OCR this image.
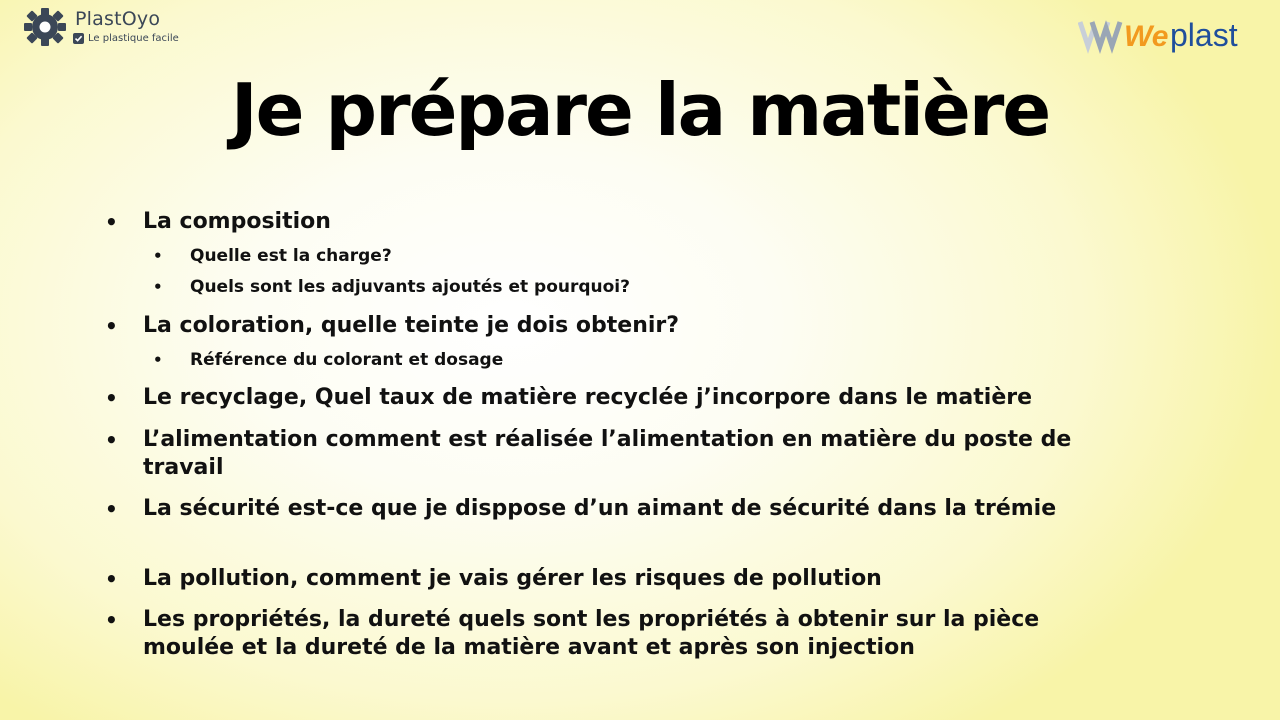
PlastOyo
Le plastique facile	We plast
Je prépare la matière
• La composition
• Quelle est la charge?
• Quels sont les adjuvants ajoutés et pourquoi?
• La coloration, quelle teinte je dois obtenir?
• Référence du colorant et dosage
• Le recyclage, Quel taux de matière recyclée j’incorpore dans le matière
• L’alimentation comment est réalisée l’alimentation en matière du poste de travail
• La sécurité est-ce que je disppose d’un aimant de sécurité dans la trémie
• La pollution, comment je vais gérer les risques de pollution
• Les propriétés, la dureté quels sont les propriétés à obtenir sur la pièce moulée et la dureté de la matière avant et après son injection
